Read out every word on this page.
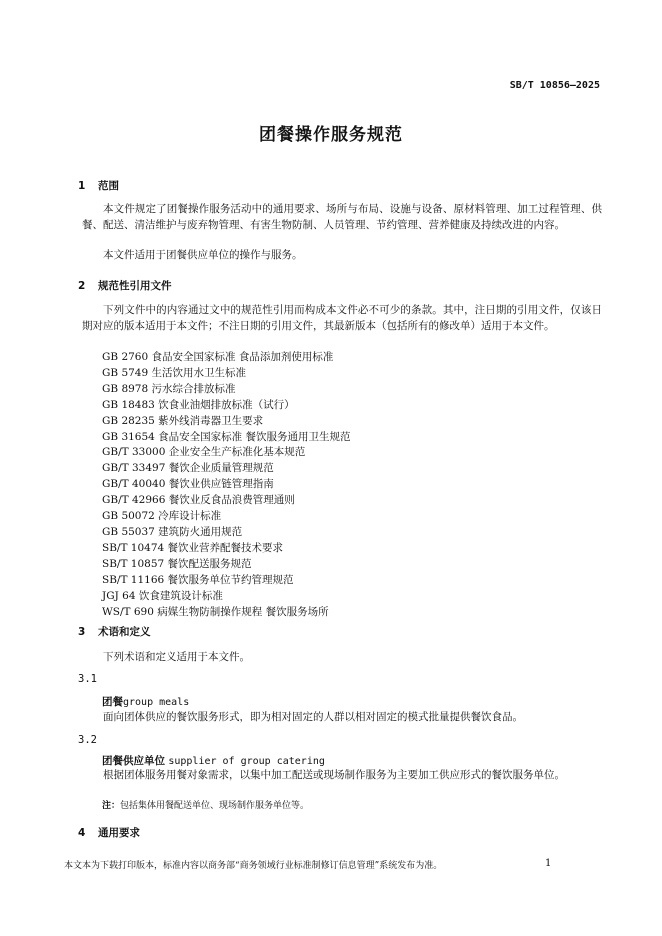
SB/T 10856—2025
团餐操作服务规范
1 范围

本文件规定了团餐操作服务活动中的通用要求、场所与布局、设施与设备、原材料管理、加工过程管理、供餐、配送、清洁维护与废弃物管理、有害生物防制、人员管理、节约管理、营养健康及持续改进的内容。

本文件适用于团餐供应单位的操作与服务。

2 规范性引用文件

下列文件中的内容通过文中的规范性引用而构成本文件必不可少的条款。其中，注日期的引用文件，仅该日期对应的版本适用于本文件；不注日期的引用文件，其最新版本（包括所有的修改单）适用于本文件。

GB 2760 食品安全国家标准 食品添加剂使用标准
GB 5749 生活饮用水卫生标准
GB 8978 污水综合排放标准
GB 18483 饮食业油烟排放标准（试行）
GB 28235 紫外线消毒器卫生要求
GB 31654 食品安全国家标准 餐饮服务通用卫生规范
GB/T 33000 企业安全生产标准化基本规范
GB/T 33497 餐饮企业质量管理规范
GB/T 40040 餐饮业供应链管理指南
GB/T 42966 餐饮业反食品浪费管理通则
GB 50072 冷库设计标准
GB 55037 建筑防火通用规范
SB/T 10474 餐饮业营养配餐技术要求
SB/T 10857 餐饮配送服务规范
SB/T 11166 餐饮服务单位节约管理规范
JGJ 64 饮食建筑设计标准
WS/T 690 病媒生物防制操作规程 餐饮服务场所
3 术语和定义

下列术语和定义适用于本文件。

3.1
团餐group meals

面向团体供应的餐饮服务形式，即为相对固定的人群以相对固定的模式批量提供餐饮食品。

3.2
团餐供应单位 supplier of group catering

根据团体服务用餐对象需求，以集中加工配送或现场制作服务为主要加工供应形式的餐饮服务单位。

注：包括集体用餐配送单位、现场制作服务单位等。
4 通用要求
本文本为下载打印版本，标准内容以商务部“商务领域行业标准制修订信息管理”系统发布为准。	1
